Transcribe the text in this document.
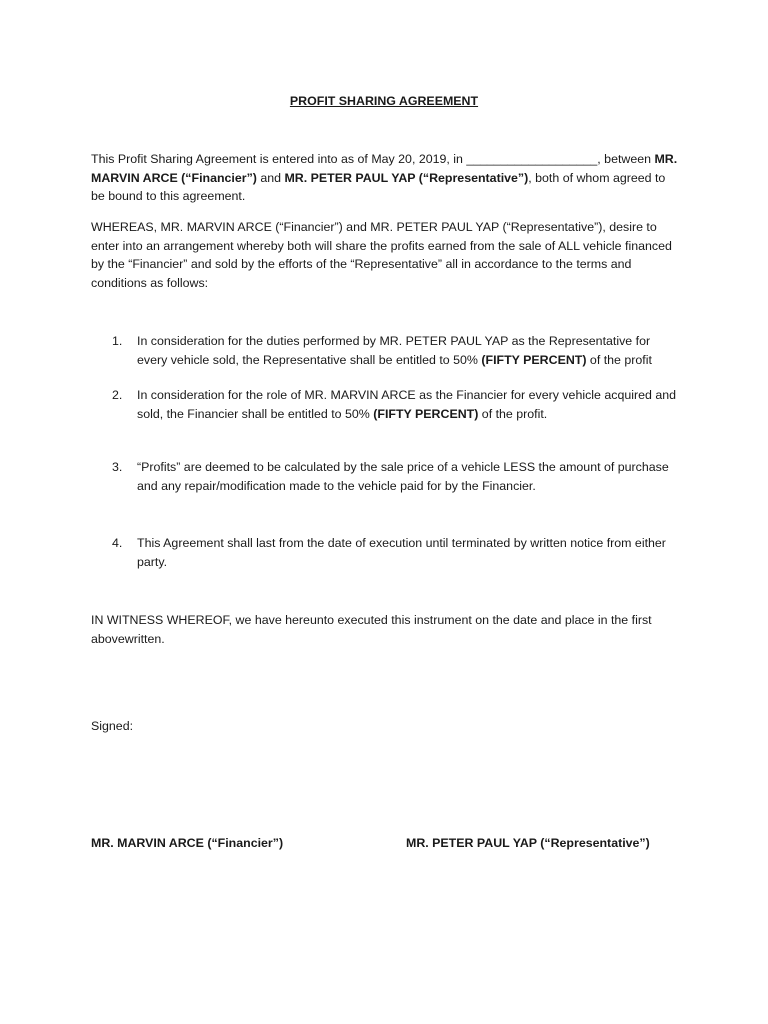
PROFIT SHARING AGREEMENT
This Profit Sharing Agreement is entered into as of May 20, 2019, in ___________________, between MR. MARVIN ARCE (“Financier”) and MR. PETER PAUL YAP (“Representative”), both of whom agreed to be bound to this agreement.
WHEREAS, MR. MARVIN ARCE (“Financier”) and MR. PETER PAUL YAP (“Representative”), desire to enter into an arrangement whereby both will share the profits earned from the sale of ALL vehicle financed by the “Financier” and sold by the efforts of the “Representative” all in accordance to the terms and conditions as follows:
1.	In consideration for the duties performed by MR. PETER PAUL YAP as the Representative for every vehicle sold, the Representative shall be entitled to 50% (FIFTY PERCENT) of the profit
2.	In consideration for the role of MR. MARVIN ARCE as the Financier for every vehicle acquired and sold, the Financier shall be entitled to 50% (FIFTY PERCENT) of the profit.
3.	“Profits” are deemed to be calculated by the sale price of a vehicle LESS the amount of purchase and any repair/modification made to the vehicle paid for by the Financier.
4.	This Agreement shall last from the date of execution until terminated by written notice from either party.
IN WITNESS WHEREOF, we have hereunto executed this instrument on the date and place in the first abovewritten.
Signed:
MR. MARVIN ARCE (“Financier”)	MR. PETER PAUL YAP (“Representative”)
